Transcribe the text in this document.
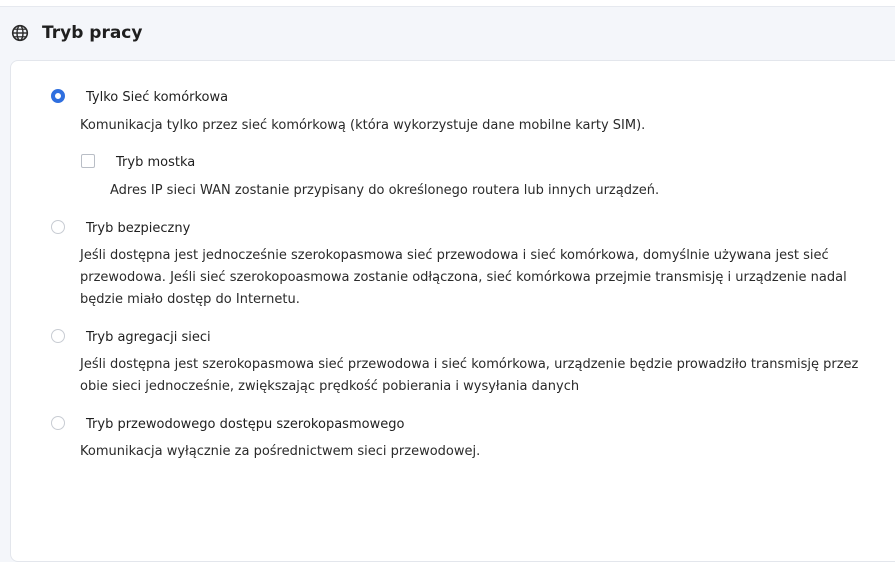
Tryb pracy
Tylko Sieć komórkowa
Komunikacja tylko przez sieć komórkową (która wykorzystuje dane mobilne karty SIM).
Tryb mostka
Adres IP sieci WAN zostanie przypisany do określonego routera lub innych urządzeń.
Tryb bezpieczny
Jeśli dostępna jest jednocześnie szerokopasmowa sieć przewodowa i sieć komórkowa, domyślnie używana jest sieć przewodowa. Jeśli sieć szerokopoasmowa zostanie odłączona, sieć komórkowa przejmie transmisję i urządzenie nadal będzie miało dostęp do Internetu.
Tryb agregacji sieci
Jeśli dostępna jest szerokopasmowa sieć przewodowa i sieć komórkowa, urządzenie będzie prowadziło transmisję przez obie sieci jednocześnie, zwiększając prędkość pobierania i wysyłania danych
Tryb przewodowego dostępu szerokopasmowego
Komunikacja wyłącznie za pośrednictwem sieci przewodowej.
